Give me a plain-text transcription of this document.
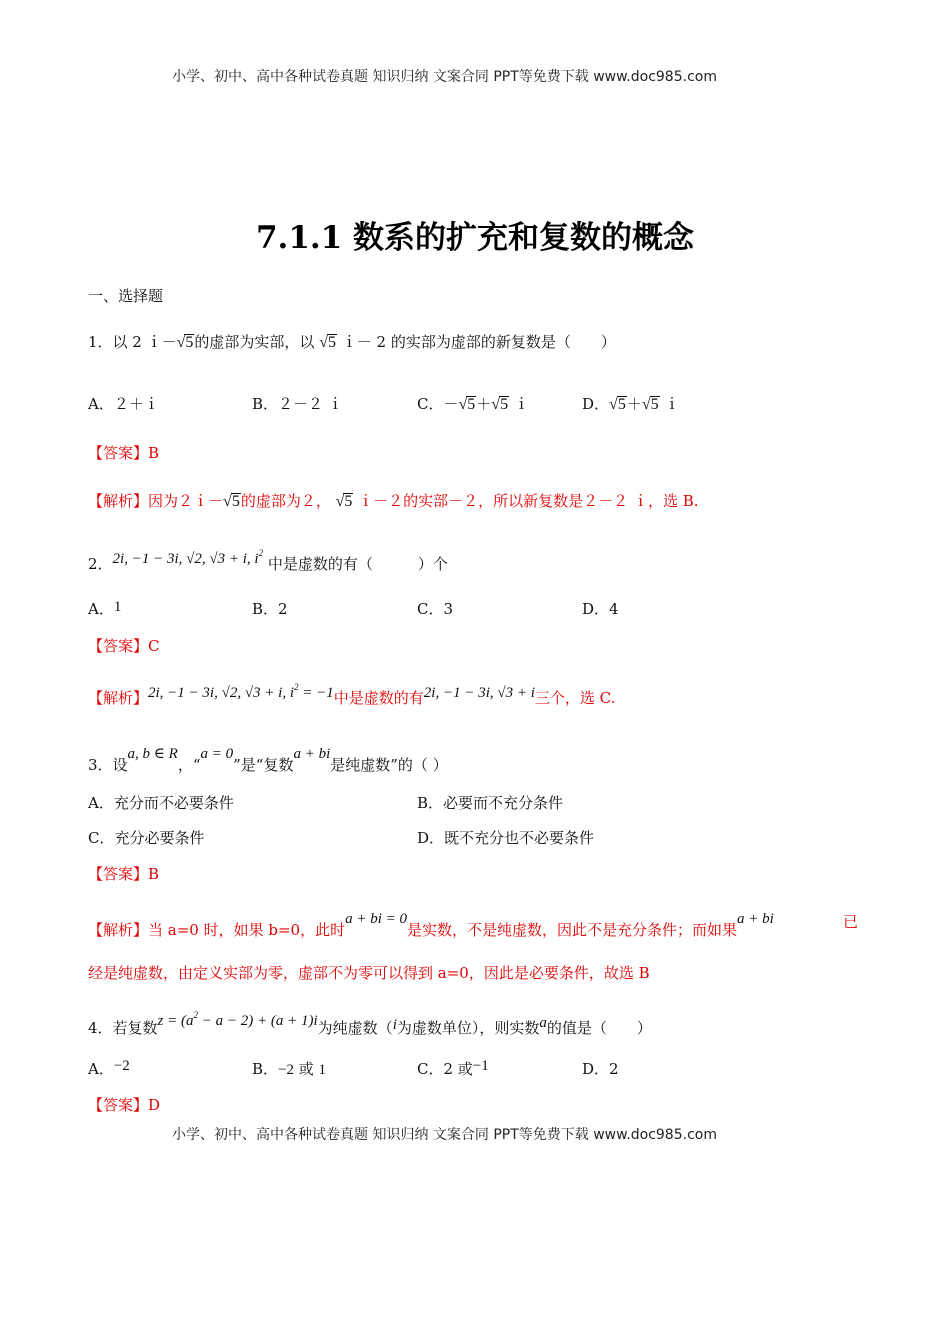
小学、初中、高中各种试卷真题 知识归纳 文案合同 PPT等免费下载 www.doc985.com
7.1.1 数系的扩充和复数的概念
一、选择题
1．以 2 ｉ－√5的虚部为实部，以 √5 ｉ－ 2 的实部为虚部的新复数是（　　）
A．２＋ｉ	B．２－２ ｉ	C．－√5＋√5 ｉ	D．√5＋√5 ｉ
【答案】B
【解析】因为２ｉ－√5的虚部为２， √5 ｉ－２的实部－２，所以新复数是２－２ ｉ，选 B.
2．2i, −1 − 3i, √2, √3 + i, $i^2$ 中是虚数的有（　　　）个
A．1	B．2	C．3	D．4
【答案】C
【解析】2i, −1 − 3i, √2, √3 + i, $i^2 = -1$中是虚数的有2i, −1 − 3i, √3 + i三个，选 C.
3．设a, b ∈ R，“a = 0”是“复数a + bi是纯虚数”的（ ）
A．充分而不必要条件	B．必要而不充分条件
C．充分必要条件	D．既不充分也不必要条件
【答案】B
【解析】当 a=0 时，如果 b=0，此时a + bi = 0是实数，不是纯虚数，因此不是充分条件；而如果a + bi	已
经是纯虚数，由定义实部为零，虚部不为零可以得到 a=0，因此是必要条件，故选 B
4．若复数$z = (a^2 - a - 2) + (a + 1)i$为纯虚数（i为虚数单位），则实数a的值是（　　）
A．−2	B．−2 或 1	C．2 或−1	D．2
【答案】D
小学、初中、高中各种试卷真题 知识归纳 文案合同 PPT等免费下载 www.doc985.com
